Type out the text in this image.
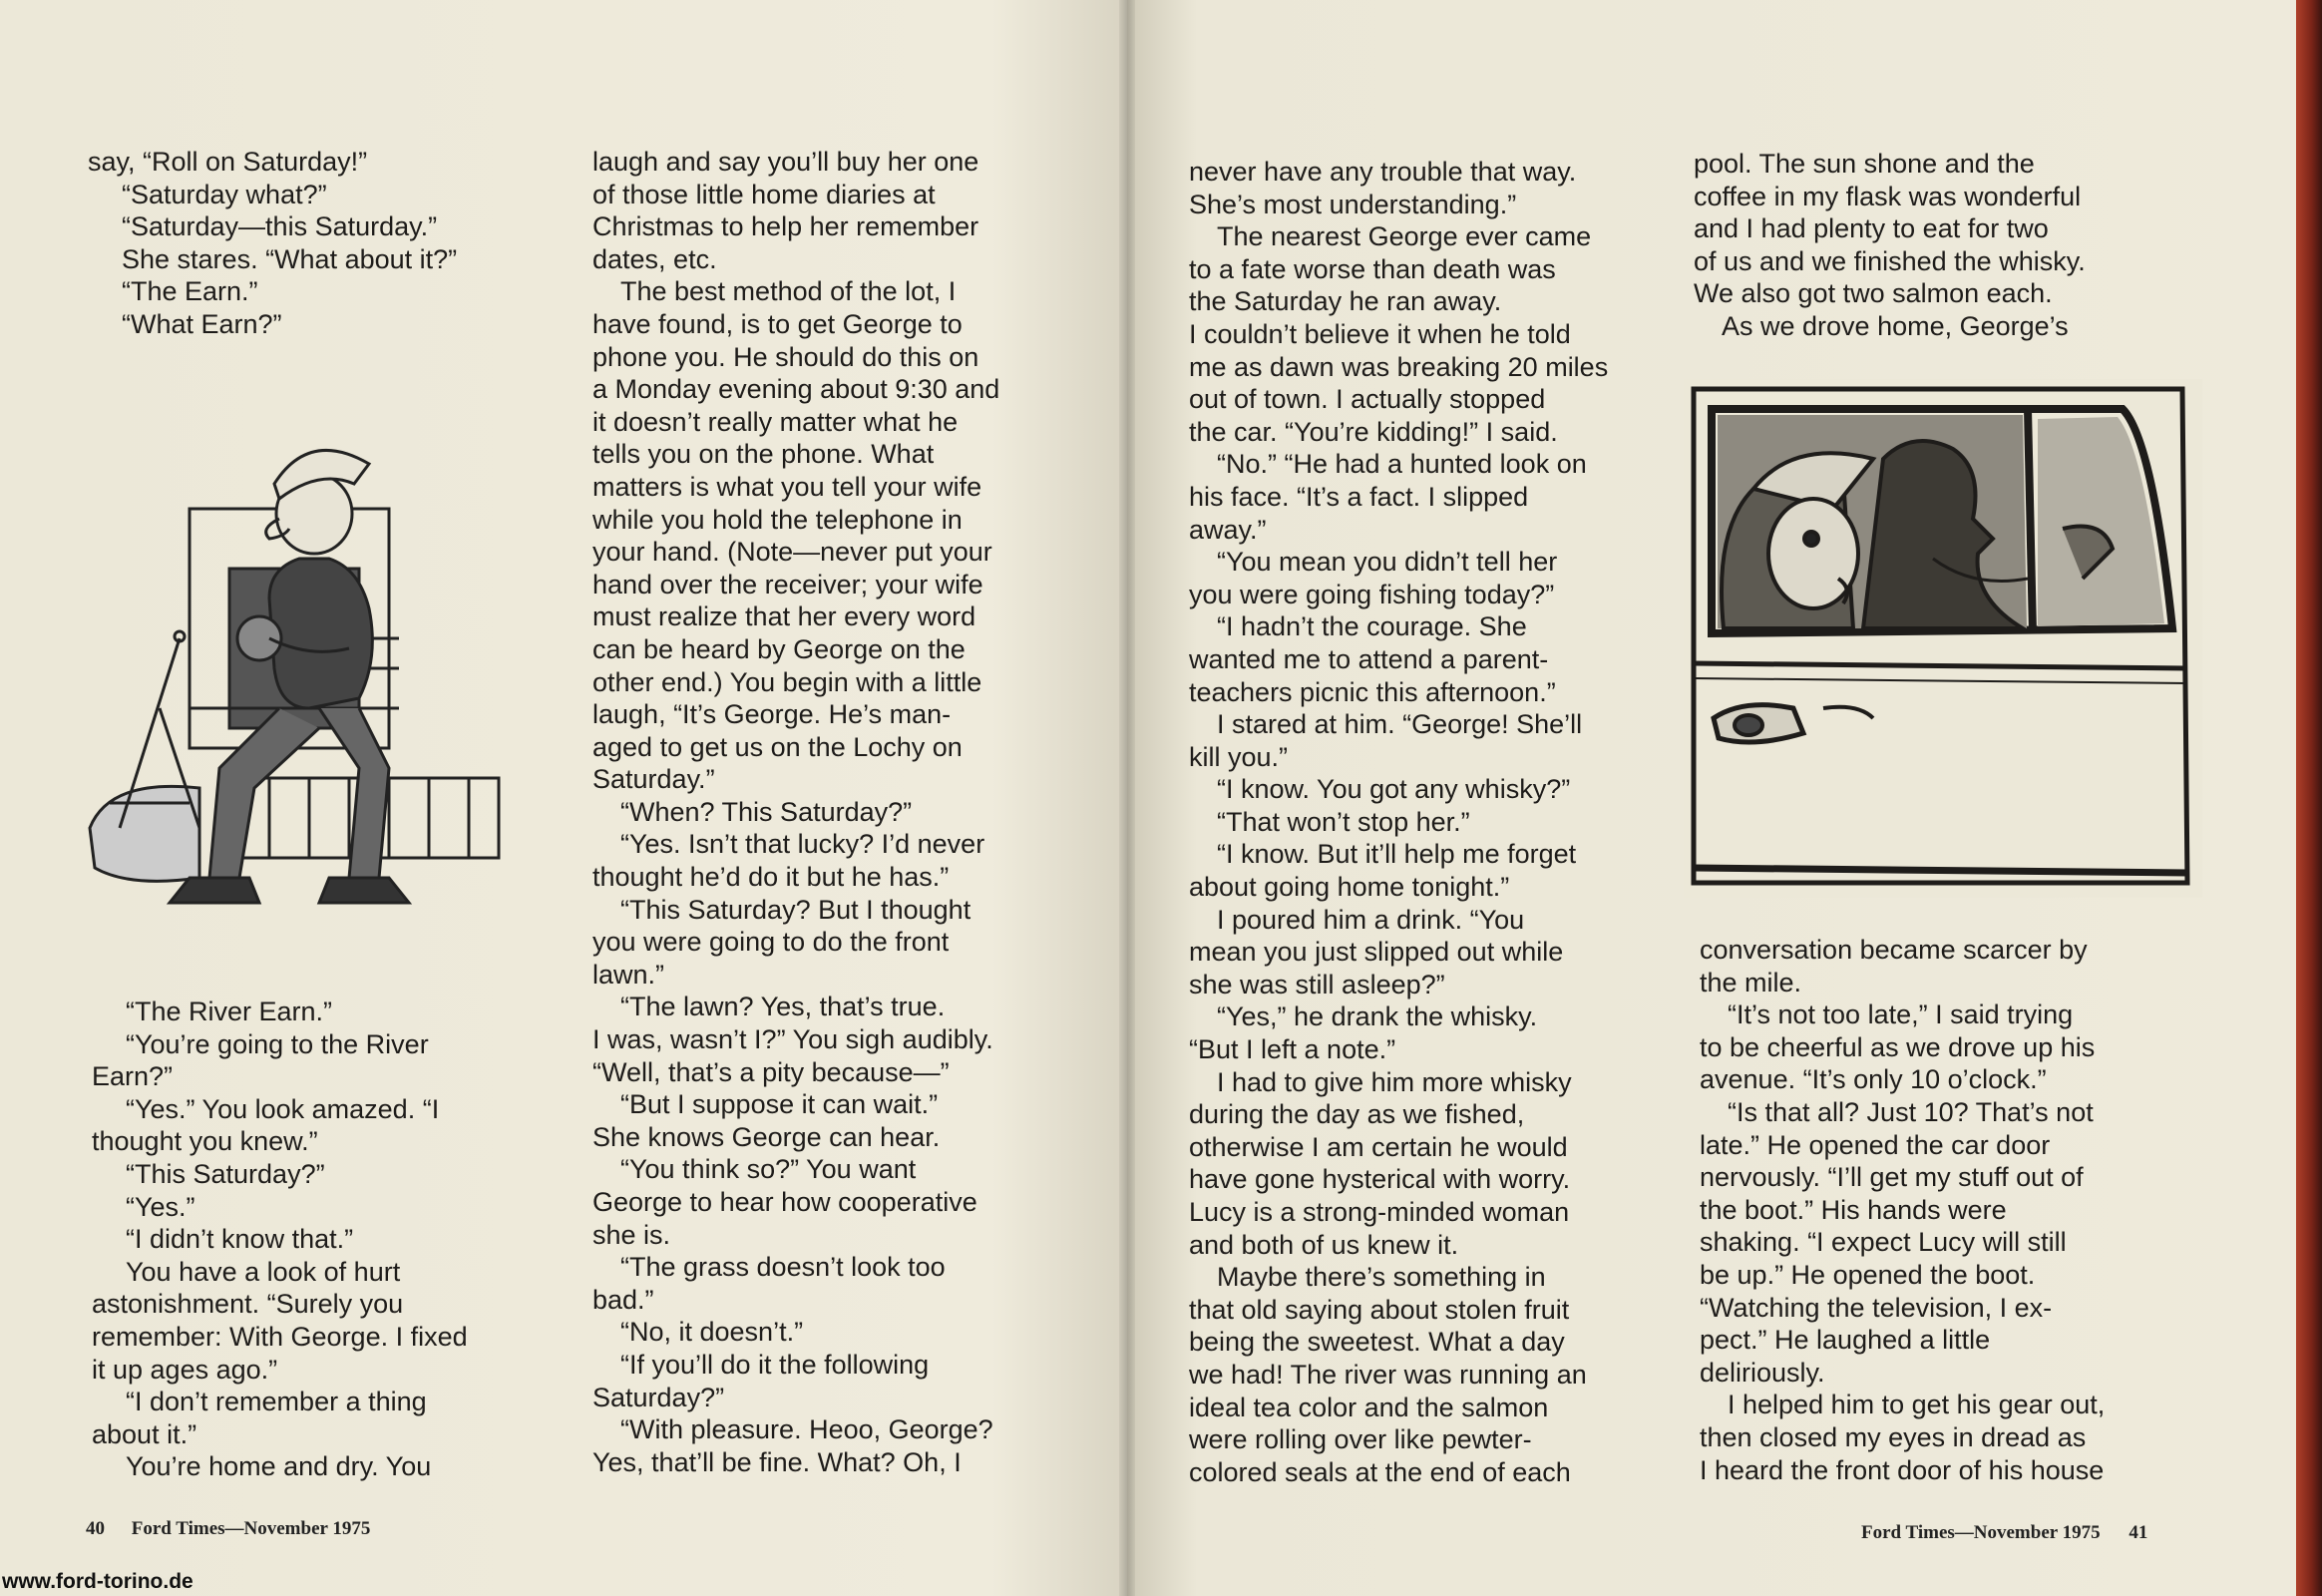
say, “Roll on Saturday!”

“Saturday what?”

“Saturday—this Saturday.”

She stares. “What about it?”

“The Earn.”

“What Earn?”

“The River Earn.”

“You’re going to the River

Earn?”

“Yes.” You look amazed. “I

thought you knew.”

“This Saturday?”

“Yes.”

“I didn’t know that.”

You have a look of hurt

astonishment. “Surely you

remember: With George. I fixed

it up ages ago.”

“I don’t remember a thing

about it.”

You’re home and dry. You

laugh and say you’ll buy her one

of those little home diaries at

Christmas to help her remember

dates, etc.

The best method of the lot, I

have found, is to get George to

phone you. He should do this on

a Monday evening about 9:30 and

it doesn’t really matter what he

tells you on the phone. What

matters is what you tell your wife

while you hold the telephone in

your hand. (Note—never put your

hand over the receiver; your wife

must realize that her every word

can be heard by George on the

other end.) You begin with a little

laugh, “It’s George. He’s man-

aged to get us on the Lochy on

Saturday.”

“When? This Saturday?”

“Yes. Isn’t that lucky? I’d never

thought he’d do it but he has.”

“This Saturday? But I thought

you were going to do the front

lawn.”

“The lawn? Yes, that’s true.

I was, wasn’t I?” You sigh audibly.

“Well, that’s a pity because—”

“But I suppose it can wait.”

She knows George can hear.

“You think so?” You want

George to hear how cooperative

she is.

“The grass doesn’t look too

bad.”

“No, it doesn’t.”

“If you’ll do it the following

Saturday?”

“With pleasure. Heoo, George?

Yes, that’ll be fine. What? Oh, I

40 Ford Times—November 1975

never have any trouble that way.

She’s most understanding.”

The nearest George ever came

to a fate worse than death was

the Saturday he ran away.

I couldn’t believe it when he told

me as dawn was breaking 20 miles

out of town. I actually stopped

the car. “You’re kidding!” I said.

“No.” “He had a hunted look on

his face. “It’s a fact. I slipped

away.”

“You mean you didn’t tell her

you were going fishing today?”

“I hadn’t the courage. She

wanted me to attend a parent-

teachers picnic this afternoon.”

I stared at him. “George! She’ll

kill you.”

“I know. You got any whisky?”

“That won’t stop her.”

“I know. But it’ll help me forget

about going home tonight.”

I poured him a drink. “You

mean you just slipped out while

she was still asleep?”

“Yes,” he drank the whisky.

“But I left a note.”

I had to give him more whisky

during the day as we fished,

otherwise I am certain he would

have gone hysterical with worry.

Lucy is a strong-minded woman

and both of us knew it.

Maybe there’s something in

that old saying about stolen fruit

being the sweetest. What a day

we had! The river was running an

ideal tea color and the salmon

were rolling over like pewter-

colored seals at the end of each

pool. The sun shone and the

coffee in my flask was wonderful

and I had plenty to eat for two

of us and we finished the whisky.

We also got two salmon each.

As we drove home, George’s

conversation became scarcer by

the mile.

“It’s not too late,” I said trying

to be cheerful as we drove up his

avenue. “It’s only 10 o’clock.”

“Is that all? Just 10? That’s not

late.” He opened the car door

nervously. “I’ll get my stuff out of

the boot.” His hands were

shaking. “I expect Lucy will still

be up.” He opened the boot.

“Watching the television, I ex-

pect.” He laughed a little

deliriously.

I helped him to get his gear out,

then closed my eyes in dread as

I heard the front door of his house

Ford Times—November 1975 41
www.ford-torino.de
